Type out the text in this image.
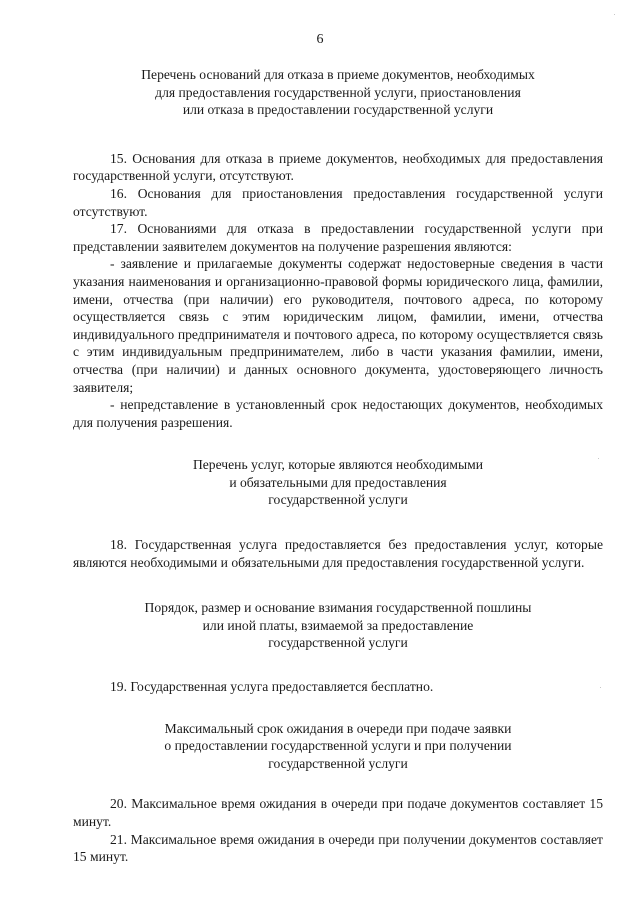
6
Перечень оснований для отказа в приеме документов, необходимых
для предоставления государственной услуги, приостановления
или отказа в предоставлении государственной услуги

15. Основания для отказа в приеме документов, необходимых для предоставления государственной услуги, отсутствуют.

16. Основания для приостановления предоставления государственной услуги отсутствуют.

17. Основаниями для отказа в предоставлении государственной услуги при представлении заявителем документов на получение разрешения являются:

- заявление и прилагаемые документы содержат недостоверные сведения в части указания наименования и организационно-правовой формы юридического лица, фамилии, имени, отчества (при наличии) его руководителя, почтового адреса, по которому осуществляется связь с этим юридическим лицом, фамилии, имени, отчества индивидуального предпринимателя и почтового адреса, по которому осуществляется связь с этим индивидуальным предпринимателем, либо в части указания фамилии, имени, отчества (при наличии) и данных основного документа, удостоверяющего личность заявителя;

- непредставление в установленный срок недостающих документов, необходимых для получения разрешения.

Перечень услуг, которые являются необходимыми
и обязательными для предоставления
государственной услуги

18. Государственная услуга предоставляется без предоставления услуг, которые являются необходимыми и обязательными для предоставления государственной услуги.

Порядок, размер и основание взимания государственной пошлины
или иной платы, взимаемой за предоставление
государственной услуги

19. Государственная услуга предоставляется бесплатно.

Максимальный срок ожидания в очереди при подаче заявки
о предоставлении государственной услуги и при получении
государственной услуги

20. Максимальное время ожидания в очереди при подаче документов составляет 15 минут.

21. Максимальное время ожидания в очереди при получении документов составляет 15 минут.
